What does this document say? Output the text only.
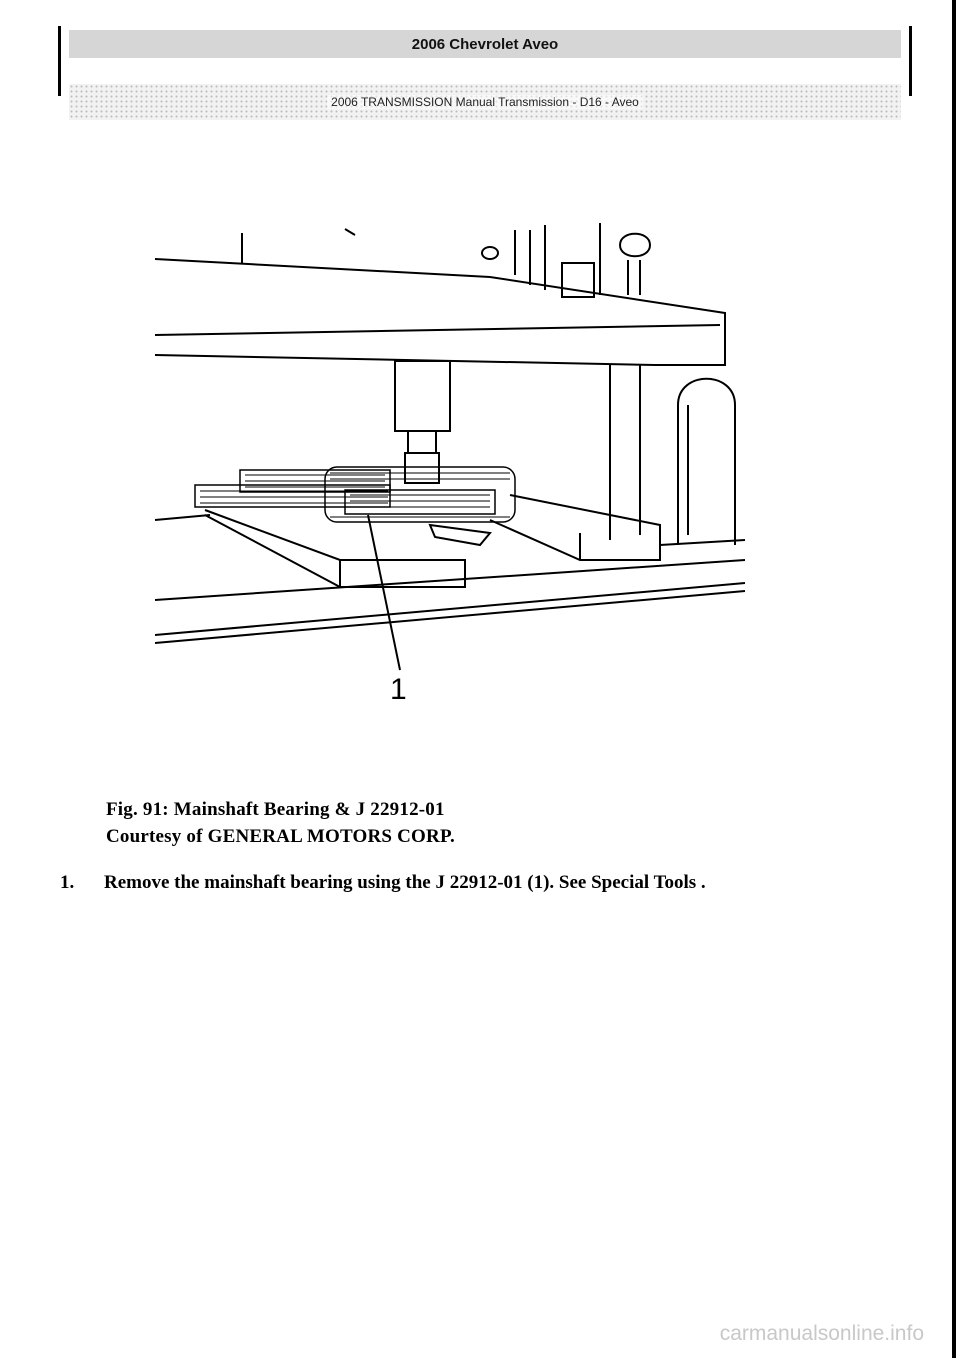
2006 Chevrolet Aveo
2006 TRANSMISSION Manual Transmission - D16 - Aveo
1
Fig. 91: Mainshaft Bearing & J 22912-01
Courtesy of GENERAL MOTORS CORP.
1. Remove the mainshaft bearing using the J 22912-01 (1). See Special Tools .
carmanualsonline.info
